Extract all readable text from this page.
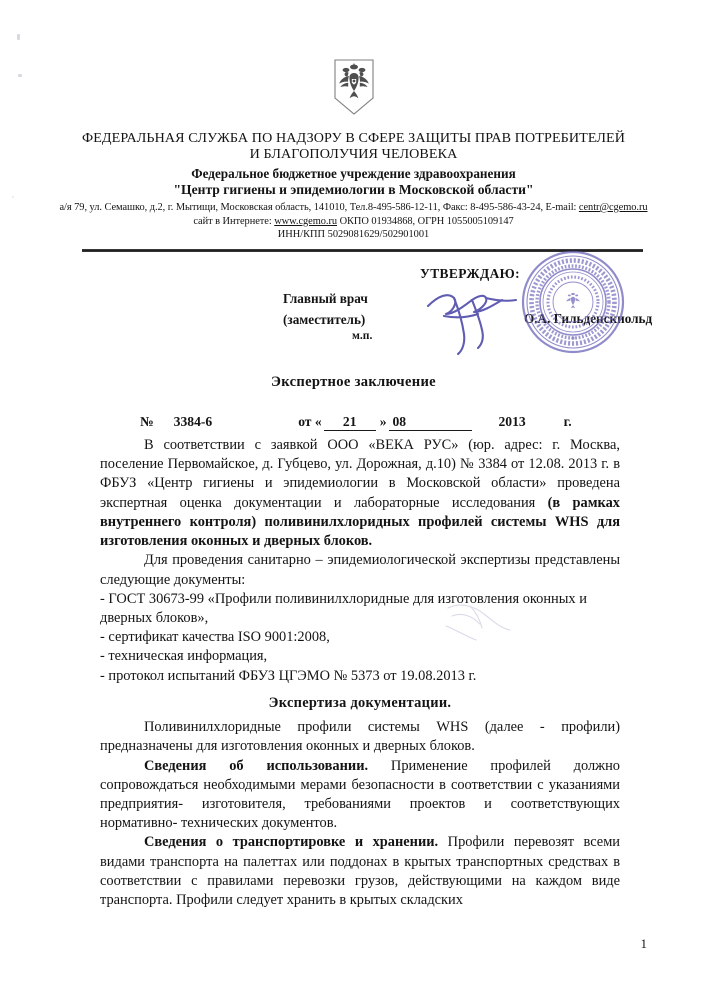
ФЕДЕРАЛЬНАЯ СЛУЖБА ПО НАДЗОРУ В СФЕРЕ ЗАЩИТЫ ПРАВ ПОТРЕБИТЕЛЕЙ
И БЛАГОПОЛУЧИЯ ЧЕЛОВЕКА
Федеральное бюджетное учреждение здравоохранения
"Центр гигиены и эпидемиологии в Московской области"
а/я 79, ул. Семашко, д.2, г. Мытищи, Московская область, 141010, Тел.8-495-586-12-11, Факс: 8-495-586-43-24, E-mail: centr@cgemo.ru сайт в Интернете: www.cgemo.ru ОКПО 01934868, ОГРН 1055005109147
ИНН/КПП 5029081629/502901001
УТВЕРЖДАЮ:
Главный врач
(заместитель)
м.п.
О.А. Гильденскиольд
Экспертное заключение
№ 3384-6	от « 21 » 08	2013	г.

В соответствии с заявкой ООО «ВЕКА РУС» (юр. адрес: г. Москва, поселение Первомайское, д. Губцево, ул. Дорожная, д.10) № 3384 от 12.08. 2013 г. в ФБУЗ «Центр гигиены и эпидемиологии в Московской области» проведена экспертная оценка документации и лабораторные исследования (в рамках внутреннего контроля) поливинилхлоридных профилей системы WHS для изготовления оконных и дверных блоков.

Для проведения санитарно – эпидемиологической экспертизы представлены следующие документы:

- ГОСТ 30673-99 «Профили поливинилхлоридные для изготовления оконных и дверных блоков»,

- сертификат качества ISO 9001:2008,

- техническая информация,

- протокол испытаний ФБУЗ ЦГЭМО № 5373 от 19.08.2013 г.

Экспертиза документации.

Поливинилхлоридные профили системы WHS (далее - профили) предназначены для изготовления оконных и дверных блоков.

Сведения об использовании. Применение профилей должно сопровождаться необходимыми мерами безопасности в соответствии с указаниями предприятия- изготовителя, требованиями проектов и соответствующих нормативно- технических документов.

Сведения о транспортировке и хранении. Профили перевозят всеми видами транспорта на палеттах или поддонах в крытых транспортных средствах в соответствии с правилами перевозки грузов, действующими на каждом виде транспорта. Профили следует хранить в крытых складских

1
